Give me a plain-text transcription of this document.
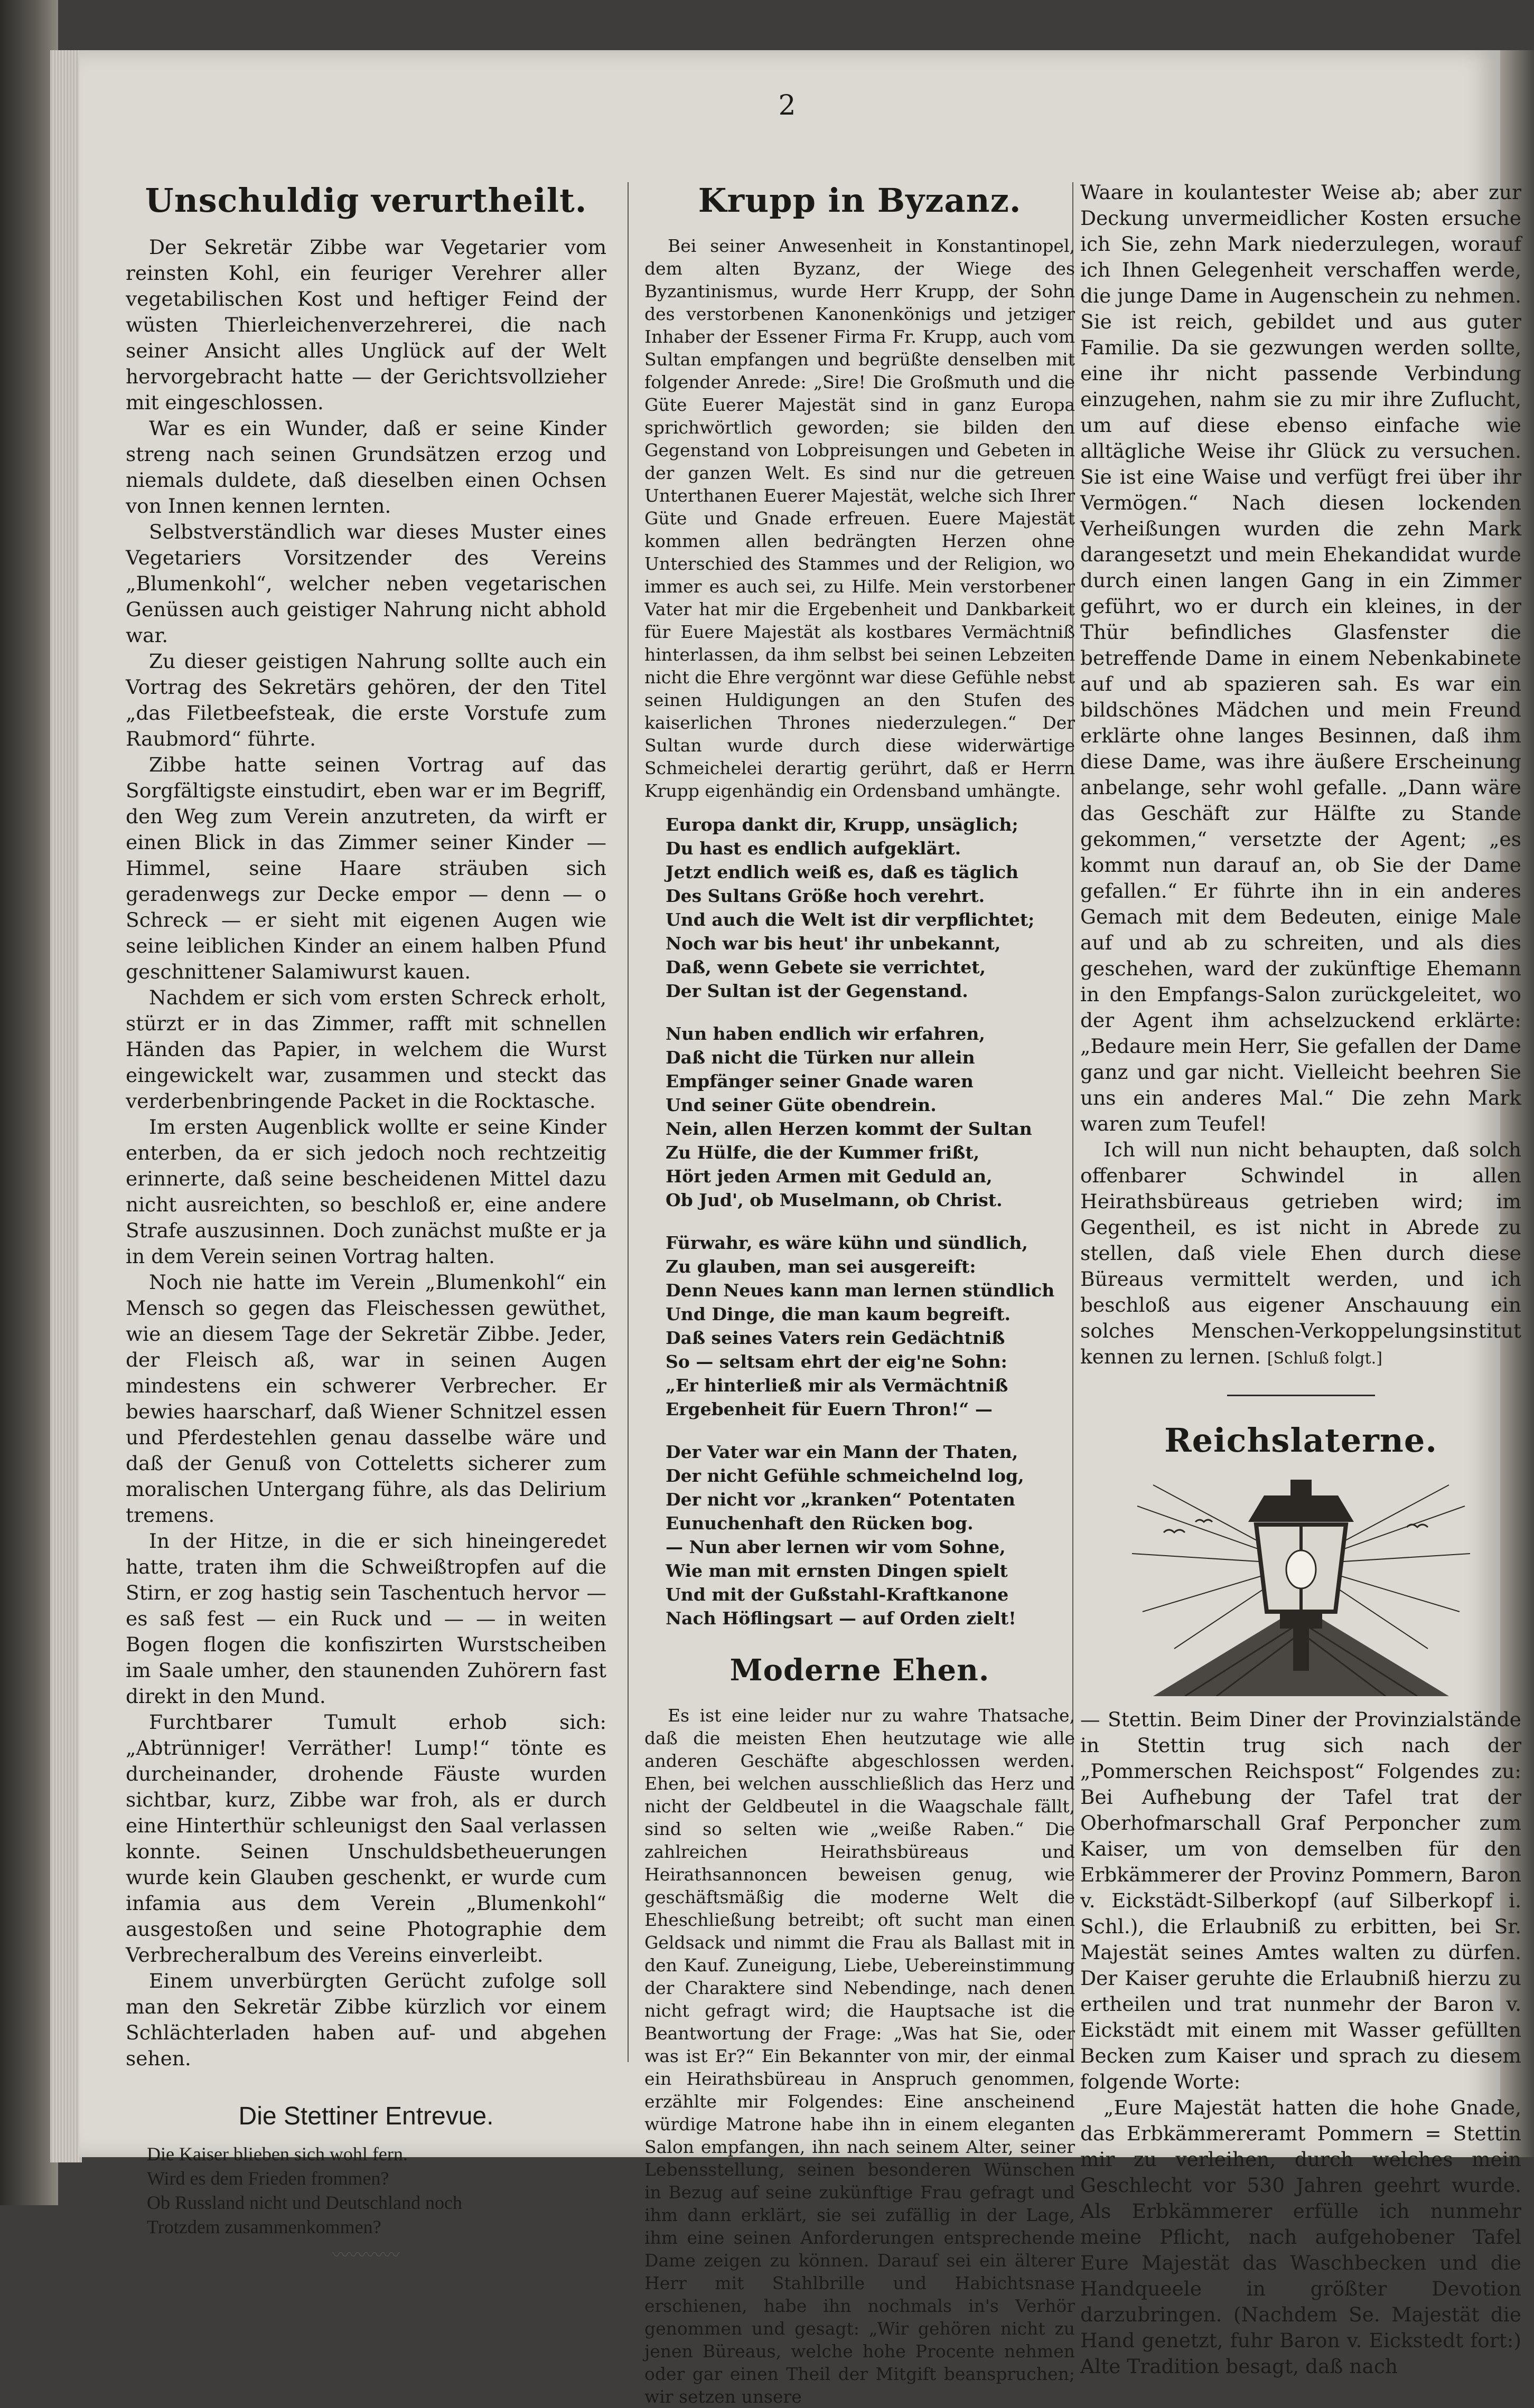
2
Unschuldig verurtheilt.

Der Sekretär Zibbe war Vegetarier vom reinsten Kohl, ein feuriger Verehrer aller vegetabilischen Kost und heftiger Feind der wüsten Thierleichenverzehrerei, die nach seiner Ansicht alles Unglück auf der Welt hervorgebracht hatte — der Gerichtsvollzieher mit eingeschlossen.

War es ein Wunder, daß er seine Kinder streng nach seinen Grundsätzen erzog und niemals duldete, daß dieselben einen Ochsen von Innen kennen lernten.

Selbstverständlich war dieses Muster eines Vegetariers Vorsitzender des Vereins „Blumenkohl“, welcher neben vegetarischen Genüssen auch geistiger Nahrung nicht abhold war.

Zu dieser geistigen Nahrung sollte auch ein Vortrag des Sekretärs gehören, der den Titel „das Filetbeefsteak, die erste Vorstufe zum Raubmord“ führte.

Zibbe hatte seinen Vortrag auf das Sorgfältigste einstudirt, eben war er im Begriff, den Weg zum Verein anzutreten, da wirft er einen Blick in das Zimmer seiner Kinder — Himmel, seine Haare sträuben sich geradenwegs zur Decke empor — denn — o Schreck — er sieht mit eigenen Augen wie seine leiblichen Kinder an einem halben Pfund geschnittener Salamiwurst kauen.

Nachdem er sich vom ersten Schreck erholt, stürzt er in das Zimmer, rafft mit schnellen Händen das Papier, in welchem die Wurst eingewickelt war, zusammen und steckt das verderbenbringende Packet in die Rocktasche.

Im ersten Augenblick wollte er seine Kinder enterben, da er sich jedoch noch rechtzeitig erinnerte, daß seine bescheidenen Mittel dazu nicht ausreichten, so beschloß er, eine andere Strafe auszusinnen. Doch zunächst mußte er ja in dem Verein seinen Vortrag halten.

Noch nie hatte im Verein „Blumenkohl“ ein Mensch so gegen das Fleischessen gewüthet, wie an diesem Tage der Sekretär Zibbe. Jeder, der Fleisch aß, war in seinen Augen mindestens ein schwerer Verbrecher. Er bewies haarscharf, daß Wiener Schnitzel essen und Pferdestehlen genau dasselbe wäre und daß der Genuß von Cotteletts sicherer zum moralischen Untergang führe, als das Delirium tremens.

In der Hitze, in die er sich hineingeredet hatte, traten ihm die Schweißtropfen auf die Stirn, er zog hastig sein Taschentuch hervor — es saß fest — ein Ruck und — — in weiten Bogen flogen die konfiszirten Wurstscheiben im Saale umher, den staunenden Zuhörern fast direkt in den Mund.

Furchtbarer Tumult erhob sich: „Abtrünniger! Verräther! Lump!“ tönte es durcheinander, drohende Fäuste wurden sichtbar, kurz, Zibbe war froh, als er durch eine Hinterthür schleunigst den Saal verlassen konnte. Seinen Unschuldsbetheuerungen wurde kein Glauben geschenkt, er wurde cum infamia aus dem Verein „Blumenkohl“ ausgestoßen und seine Photographie dem Verbrecheralbum des Vereins einverleibt.

Einem unverbürgten Gerücht zufolge soll man den Sekretär Zibbe kürzlich vor einem Schlächterladen haben auf- und abgehen sehen.

Die Stettiner Entrevue.
Die Kaiser blieben sich wohl fern.
Wird es dem Frieden frommen?
Ob Russland nicht und Deutschland noch
Trotzdem zusammenkommen?
〰〰〰〰
Krupp in Byzanz.

Bei seiner Anwesenheit in Konstantinopel, dem alten Byzanz, der Wiege des Byzantinismus, wurde Herr Krupp, der Sohn des verstorbenen Kanonenkönigs und jetziger Inhaber der Essener Firma Fr. Krupp, auch vom Sultan empfangen und begrüßte denselben mit folgender Anrede: „Sire! Die Großmuth und die Güte Euerer Majestät sind in ganz Europa sprichwörtlich geworden; sie bilden den Gegenstand von Lobpreisungen und Gebeten in der ganzen Welt. Es sind nur die getreuen Unterthanen Euerer Majestät, welche sich Ihrer Güte und Gnade erfreuen. Euere Majestät kommen allen bedrängten Herzen ohne Unterschied des Stammes und der Religion, wo immer es auch sei, zu Hilfe. Mein verstorbener Vater hat mir die Ergebenheit und Dankbarkeit für Euere Majestät als kostbares Vermächtniß hinterlassen, da ihm selbst bei seinen Lebzeiten nicht die Ehre vergönnt war diese Gefühle nebst seinen Huldigungen an den Stufen des kaiserlichen Thrones niederzulegen.“ Der Sultan wurde durch diese widerwärtige Schmeichelei derartig gerührt, daß er Herrn Krupp eigenhändig ein Ordensband umhängte.

Europa dankt dir, Krupp, unsäglich;
Du hast es endlich aufgeklärt.
Jetzt endlich weiß es, daß es täglich
Des Sultans Größe hoch verehrt.
Und auch die Welt ist dir verpflichtet;
Noch war bis heut' ihr unbekannt,
Daß, wenn Gebete sie verrichtet,
Der Sultan ist der Gegenstand.
Nun haben endlich wir erfahren,
Daß nicht die Türken nur allein
Empfänger seiner Gnade waren
Und seiner Güte obendrein.
Nein, allen Herzen kommt der Sultan
Zu Hülfe, die der Kummer frißt,
Hört jeden Armen mit Geduld an,
Ob Jud', ob Muselmann, ob Christ.
Fürwahr, es wäre kühn und sündlich,
Zu glauben, man sei ausgereift:
Denn Neues kann man lernen stündlich
Und Dinge, die man kaum begreift.
Daß seines Vaters rein Gedächtniß
So — seltsam ehrt der eig'ne Sohn:
„Er hinterließ mir als Vermächtniß
Ergebenheit für Euern Thron!“ —
Der Vater war ein Mann der Thaten,
Der nicht Gefühle schmeichelnd log,
Der nicht vor „kranken“ Potentaten
Eunuchenhaft den Rücken bog.
— Nun aber lernen wir vom Sohne,
Wie man mit ernsten Dingen spielt
Und mit der Gußstahl-Kraftkanone
Nach Höflingsart — auf Orden zielt!
Moderne Ehen.

Es ist eine leider nur zu wahre Thatsache, daß die meisten Ehen heutzutage wie alle anderen Geschäfte abgeschlossen werden. Ehen, bei welchen ausschließlich das Herz und nicht der Geldbeutel in die Waagschale fällt, sind so selten wie „weiße Raben.“ Die zahlreichen Heirathsbüreaus und Heirathsannoncen beweisen genug, wie geschäftsmäßig die moderne Welt die Eheschließung betreibt; oft sucht man einen Geldsack und nimmt die Frau als Ballast mit in den Kauf. Zuneigung, Liebe, Uebereinstimmung der Charaktere sind Nebendinge, nach denen nicht gefragt wird; die Hauptsache ist die Beantwortung der Frage: „Was hat Sie, oder was ist Er?“ Ein Bekannter von mir, der einmal ein Heirathsbüreau in Anspruch genommen, erzählte mir Folgendes: Eine anscheinend würdige Matrone habe ihn in einem eleganten Salon empfangen, ihn nach seinem Alter, seiner Lebensstellung, seinen besonderen Wünschen in Bezug auf seine zukünftige Frau gefragt und ihm dann erklärt, sie sei zufällig in der Lage, ihm eine seinen Anforderungen entsprechende Dame zeigen zu können. Darauf sei ein älterer Herr mit Stahlbrille und Habichtsnase erschienen, habe ihn nochmals in's Verhör genommen und gesagt: „Wir gehören nicht zu jenen Büreaus, welche hohe Procente nehmen oder gar einen Theil der Mitgift beanspruchen; wir setzen unsere

Waare in koulantester Weise ab; aber zur Deckung unvermeidlicher Kosten ersuche ich Sie, zehn Mark niederzulegen, worauf ich Ihnen Gelegenheit verschaffen werde, die junge Dame in Augenschein zu nehmen. Sie ist reich, gebildet und aus guter Familie. Da sie gezwungen werden sollte, eine ihr nicht passende Verbindung einzugehen, nahm sie zu mir ihre Zuflucht, um auf diese ebenso einfache wie alltägliche Weise ihr Glück zu versuchen. Sie ist eine Waise und verfügt frei über ihr Vermögen.“ Nach diesen lockenden Verheißungen wurden die zehn Mark darangesetzt und mein Ehekandidat wurde durch einen langen Gang in ein Zimmer geführt, wo er durch ein kleines, in der Thür befindliches Glasfenster die betreffende Dame in einem Nebenkabinete auf und ab spazieren sah. Es war ein bildschönes Mädchen und mein Freund erklärte ohne langes Besinnen, daß ihm diese Dame, was ihre äußere Erscheinung anbelange, sehr wohl gefalle. „Dann wäre das Geschäft zur Hälfte zu Stande gekommen,“ versetzte der Agent; „es kommt nun darauf an, ob Sie der Dame gefallen.“ Er führte ihn in ein anderes Gemach mit dem Bedeuten, einige Male auf und ab zu schreiten, und als dies geschehen, ward der zukünftige Ehemann in den Empfangs-Salon zurückgeleitet, wo der Agent ihm achselzuckend erklärte: „Bedaure mein Herr, Sie gefallen der Dame ganz und gar nicht. Vielleicht beehren Sie uns ein anderes Mal.“ Die zehn Mark waren zum Teufel!

Ich will nun nicht behaupten, daß solch offenbarer Schwindel in allen Heirathsbüreaus getrieben wird; im Gegentheil, es ist nicht in Abrede zu stellen, daß viele Ehen durch diese Büreaus vermittelt werden, und ich beschloß aus eigener Anschauung ein solches Menschen-Verkoppelungsinstitut kennen zu lernen. [Schluß folgt.]

Reichslaterne.

— Stettin. Beim Diner der Provinzialstände in Stettin trug sich nach der „Pommerschen Reichspost“ Folgendes zu: Bei Aufhebung der Tafel trat der Oberhofmarschall Graf Perponcher zum Kaiser, um von demselben für den Erbkämmerer der Provinz Pommern, Baron v. Eickstädt-Silberkopf (auf Silberkopf i. Schl.), die Erlaubniß zu erbitten, bei Sr. Majestät seines Amtes walten zu dürfen. Der Kaiser geruhte die Erlaubniß hierzu zu ertheilen und trat nunmehr der Baron v. Eickstädt mit einem mit Wasser gefüllten Becken zum Kaiser und sprach zu diesem folgende Worte:

„Eure Majestät hatten die hohe Gnade, das Erbkämmereramt Pommern = Stettin mir zu verleihen, durch welches mein Geschlecht vor 530 Jahren geehrt wurde. Als Erbkämmerer erfülle ich nunmehr meine Pflicht, nach aufgehobener Tafel Eure Majestät das Waschbecken und die Handqueele in größter Devotion darzubringen. (Nachdem Se. Majestät die Hand genetzt, fuhr Baron v. Eickstedt fort:) Alte Tradition besagt, daß nach
